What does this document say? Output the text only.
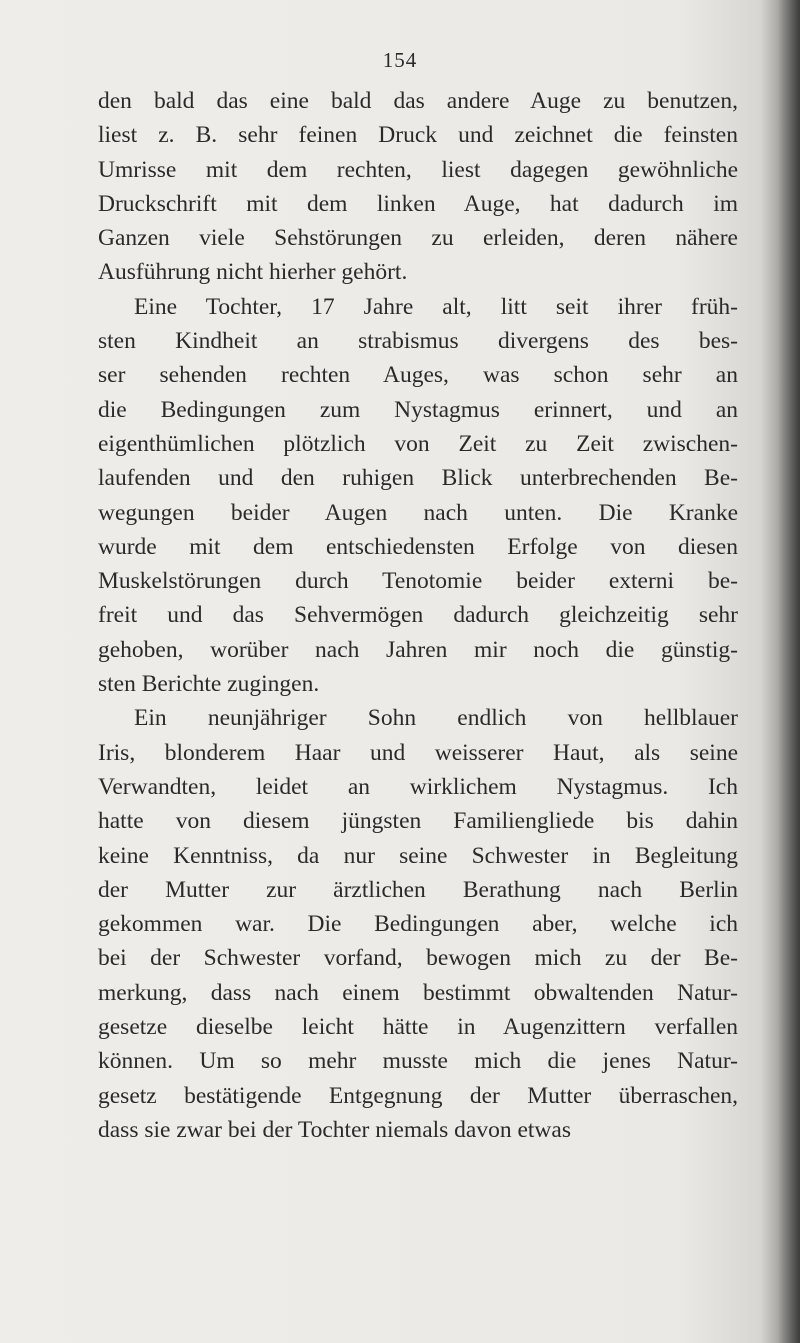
154
den bald das eine bald das andere Auge zu benutzen,
liest z. B. sehr feinen Druck und zeichnet die feinsten
Umrisse mit dem rechten, liest dagegen gewöhnliche
Druckschrift mit dem linken Auge, hat dadurch im
Ganzen viele Sehstörungen zu erleiden, deren nähere
Ausführung nicht hierher gehört.
Eine Tochter, 17 Jahre alt, litt seit ihrer früh-
sten Kindheit an strabismus divergens des bes-
ser sehenden rechten Auges, was schon sehr an
die Bedingungen zum Nystagmus erinnert, und an
eigenthümlichen plötzlich von Zeit zu Zeit zwischen-
laufenden und den ruhigen Blick unterbrechenden Be-
wegungen beider Augen nach unten. Die Kranke
wurde mit dem entschiedensten Erfolge von diesen
Muskelstörungen durch Tenotomie beider externi be-
freit und das Sehvermögen dadurch gleichzeitig sehr
gehoben, worüber nach Jahren mir noch die günstig-
sten Berichte zugingen.
Ein neunjähriger Sohn endlich von hellblauer
Iris, blonderem Haar und weisserer Haut, als seine
Verwandten, leidet an wirklichem Nystagmus. Ich
hatte von diesem jüngsten Familiengliede bis dahin
keine Kenntniss, da nur seine Schwester in Begleitung
der Mutter zur ärztlichen Berathung nach Berlin
gekommen war. Die Bedingungen aber, welche ich
bei der Schwester vorfand, bewogen mich zu der Be-
merkung, dass nach einem bestimmt obwaltenden Natur-
gesetze dieselbe leicht hätte in Augenzittern verfallen
können. Um so mehr musste mich die jenes Natur-
gesetz bestätigende Entgegnung der Mutter überraschen,
dass sie zwar bei der Tochter niemals davon etwas
